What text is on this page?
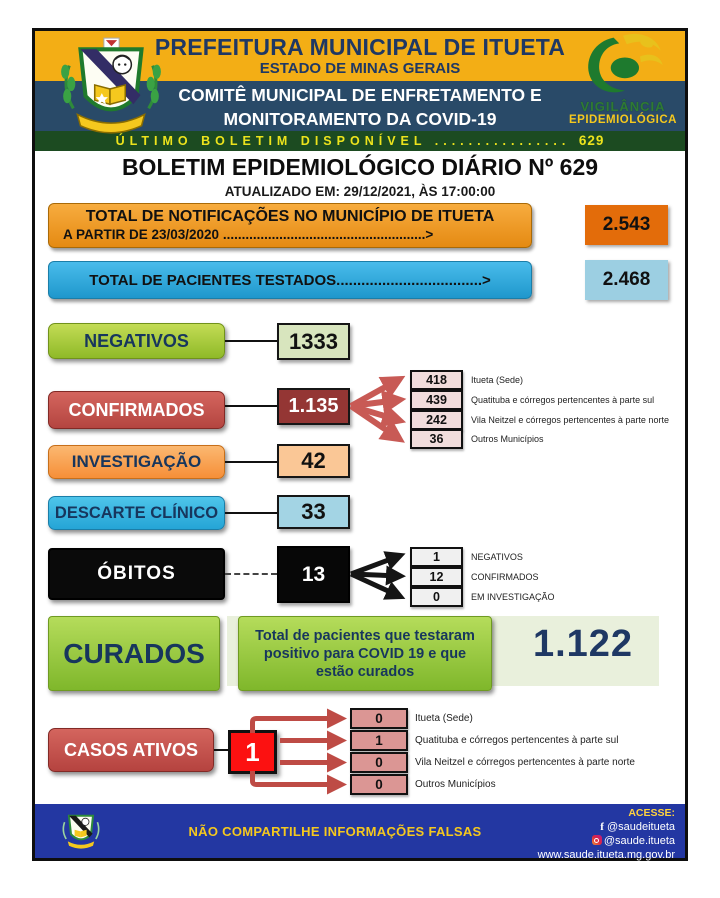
PREFEITURA MUNICIPAL DE ITUETA
ESTADO DE MINAS GERAIS
COMITÊ MUNICIPAL DE ENFRETAMENTO E
MONITORAMENTO DA COVID-19
ÚLTIMO BOLETIM DISPONÍVEL ................ 629
VIGILÂNCIA
EPIDEMIOLÓGICA
BOLETIM EPIDEMIOLÓGICO DIÁRIO Nº 629
ATUALIZADO EM: 29/12/2021, ÀS 17:00:00
TOTAL DE NOTIFICAÇÕES NO MUNICÍPIO DE ITUETA
A PARTIR DE 23/03/2020 ......................................................>	2.543
TOTAL DE PACIENTES TESTADOS...................................>	2.468
NEGATIVOS	1333
CONFIRMADOS	1.135
418	Itueta (Sede)
439	Quatituba e córregos pertencentes à parte sul
242	Vila Neitzel e córregos pertencentes à parte norte
36	Outros Municípios
INVESTIGAÇÃO	42
DESCARTE CLÍNICO	33
ÓBITOS	13
1	NEGATIVOS
12	CONFIRMADOS
0	EM INVESTIGAÇÃO
CURADOS
Total de pacientes que testaram positivo para COVID 19 e que estão curados
1.122
CASOS ATIVOS	1
0	Itueta (Sede)
1	Quatituba e córregos pertencentes à parte sul
0	Vila Neitzel e córregos pertencentes à parte norte
0	Outros Municípios
NÃO COMPARTILHE INFORMAÇÕES FALSAS
ACESSE:
f @saudeitueta
@saude.itueta
www.saude.itueta.mg.gov.br
